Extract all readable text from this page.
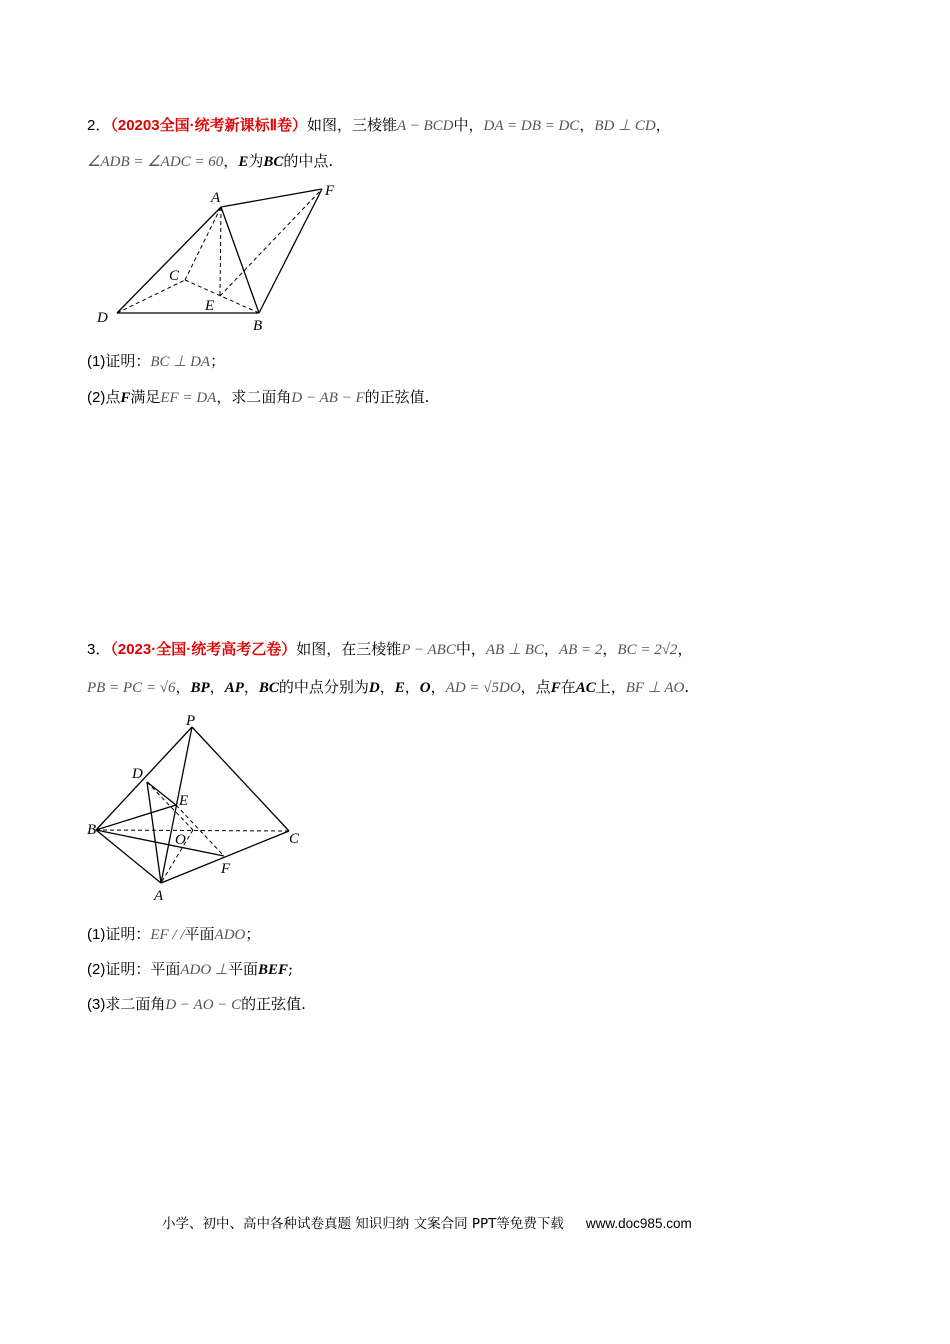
2．（20203全国·统考新课标Ⅱ卷）如图，三棱锥A − BCD中，DA = DB = DC，BD ⊥ CD，
∠ADB = ∠ADC = 60，E为BC的中点.
A	F
C
D
E
B
(1)证明：BC ⊥ DA；
(2)点F满足EF = DA，求二面角D − AB − F的正弦值.
3．（2023·全国·统考高考乙卷）如图，在三棱锥P − ABC中，AB ⊥ BC，AB = 2，BC = 2√2，
PB = PC = √6，BP，AP，BC的中点分别为D，E，O，AD = √5DO，点F在AC上，BF ⊥ AO.
P
D
E
B
O	C
F
A
(1)证明：EF / /平面ADO；
(2)证明：平面ADO ⊥平面BEF;
(3)求二面角D − AO − C的正弦值.
小学、初中、高中各种试卷真题 知识归纳 文案合同 PPT等免费下载 www.doc985.com
